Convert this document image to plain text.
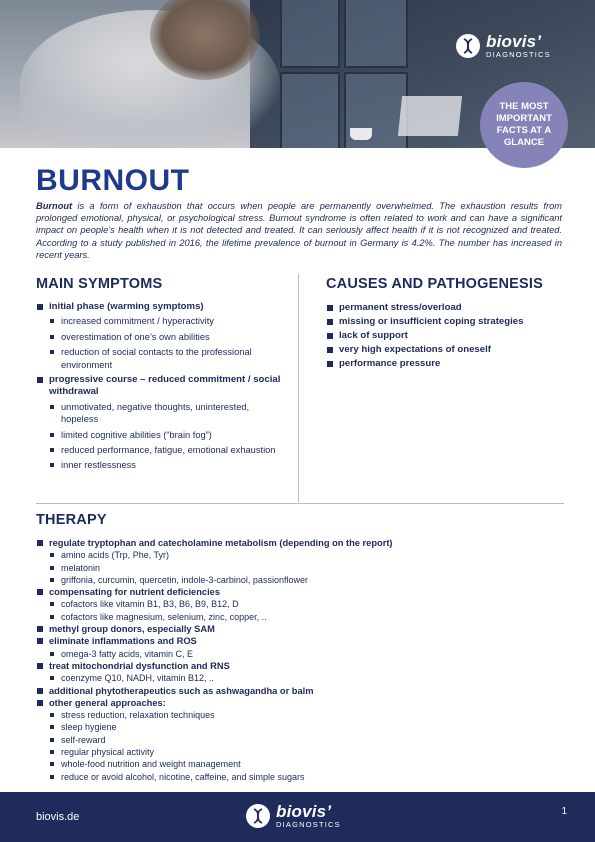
biovis’
DIAGNOSTICS
THE MOST
IMPORTANT
FACTS AT A
GLANCE
BURNOUT

Burnout is a form of exhaustion that occurs when people are permanently overwhelmed. The exhaustion results from prolonged emotional, physical, or psychological stress. Burnout syndrome is often related to work and can have a significant impact on people’s health when it is not detected and treated. It can seriously affect health if it is not recognized and treated. According to a study published in 2016, the lifetime prevalence of burnout in Germany is 4.2%. The number has increased in recent years.

MAIN SYMPTOMS
initial phase (warming symptoms)
increased commitment / hyperactivity
overestimation of one’s own abilities
reduction of social contacts to the professional environment
progressive course – reduced commitment / social withdrawal
unmotivated, negative thoughts, uninterested, hopeless
limited cognitive abilities (“brain fog”)
reduced performance, fatigue, emotional exhaustion
inner restlessness
CAUSES AND PATHOGENESIS
permanent stress/overload
missing or insufficient coping strategies
lack of support
very high expectations of oneself
performance pressure
THERAPY
regulate tryptophan and catecholamine metabolism (depending on the report)
amino acids (Trp, Phe, Tyr)
melatonin
griffonia, curcumin, quercetin, indole-3-carbinol, passionflower
compensating for nutrient deficiencies
cofactors like vitamin B1, B3, B6, B9, B12, D
cofactors like magnesium, selenium, zinc, copper, ..
methyl group donors, especially SAM
eliminate inflammations and ROS
omega-3 fatty acids, vitamin C, E
treat mitochondrial dysfunction and RNS
coenzyme Q10, NADH, vitamin B12, ..
additional phytotherapeutics such as ashwagandha or balm
other general approaches:
stress reduction, relaxation techniques
sleep hygiene
self-reward
regular physical activity
whole-food nutrition and weight management
reduce or avoid alcohol, nicotine, caffeine, and simple sugars
biovis.de	biovis’
DIAGNOSTICS
1
